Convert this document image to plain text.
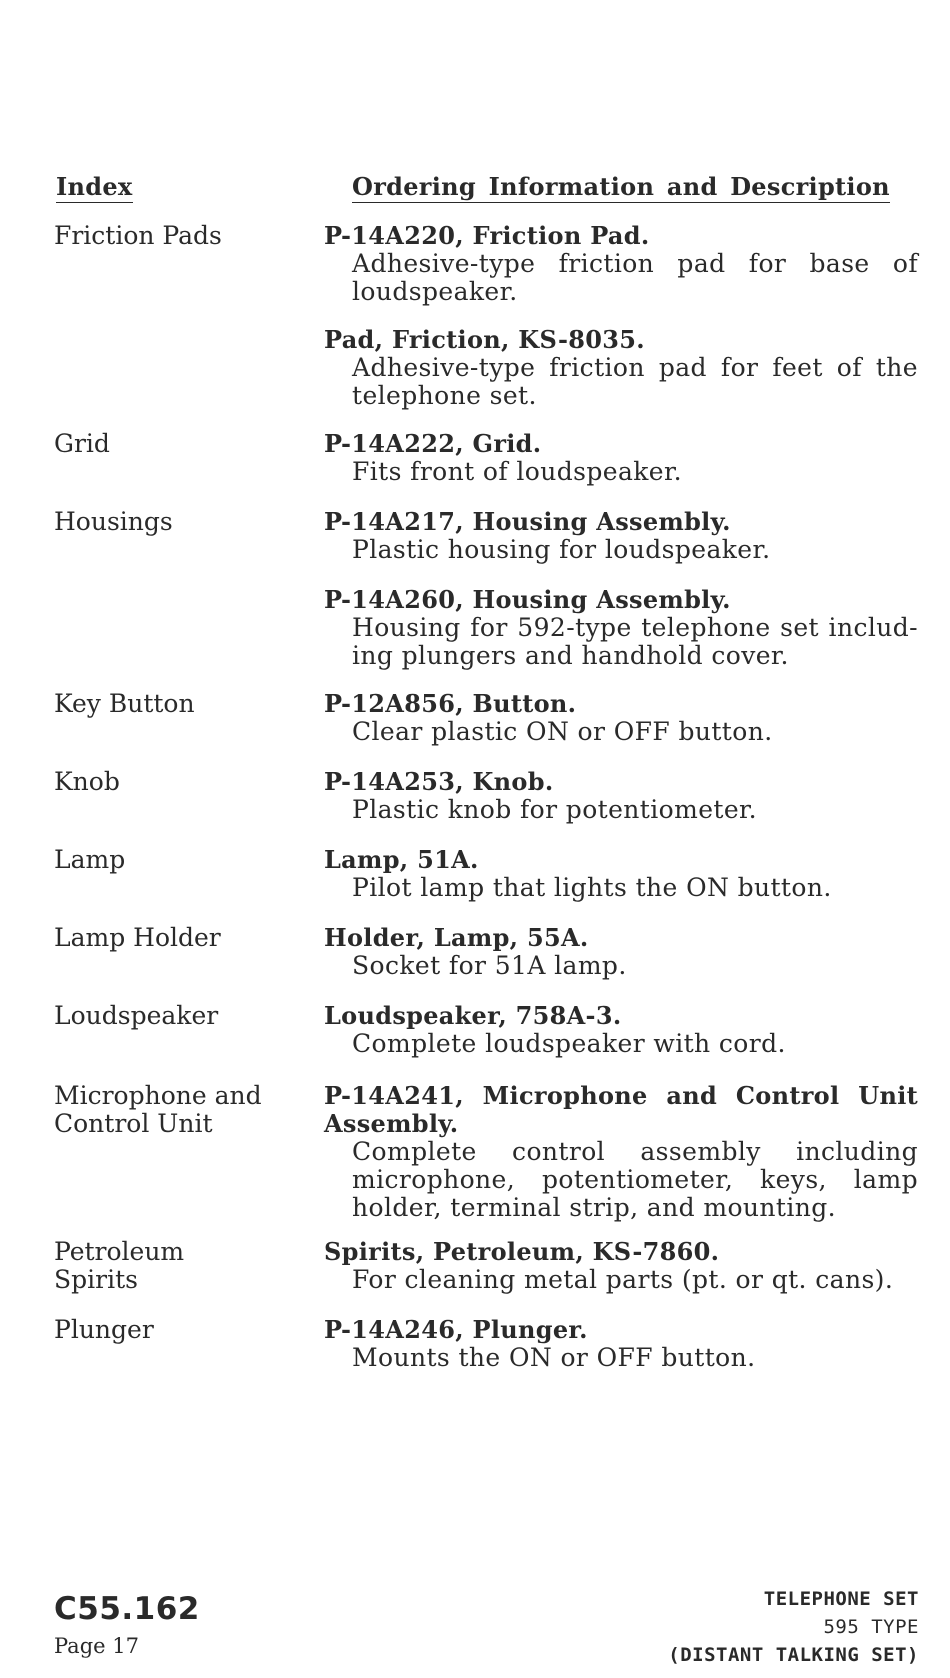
Index	Ordering Information and Description
Friction Pads
Grid
Housings
Key Button
Knob
Lamp
Lamp Holder
Loudspeaker
Microphone and
Control Unit
Petroleum
Spirits
Plunger
P-14A220, Friction Pad.
Adhesive-type friction pad for base of loudspeaker.
Pad, Friction, KS-8035.
Adhesive-type friction pad for feet of the telephone set.
P-14A222, Grid.
Fits front of loudspeaker.
P-14A217, Housing Assembly.
Plastic housing for loudspeaker.
P-14A260, Housing Assembly.
Housing for 592-type telephone set includ-ing plungers and handhold cover.
P-12A856, Button.
Clear plastic ON or OFF button.
P-14A253, Knob.
Plastic knob for potentiometer.
Lamp, 51A.
Pilot lamp that lights the ON button.
Holder, Lamp, 55A.
Socket for 51A lamp.
Loudspeaker, 758A-3.
Complete loudspeaker with cord.
P-14A241, Microphone and Control Unit Assembly.
Complete control assembly including microphone, potentiometer, keys, lamp holder, terminal strip, and mounting.
Spirits, Petroleum, KS-7860.
For cleaning metal parts (pt. or qt. cans).
P-14A246, Plunger.
Mounts the ON or OFF button.
C55.162
Page 17
TELEPHONE SET
595 TYPE
(DISTANT TALKING SET)
